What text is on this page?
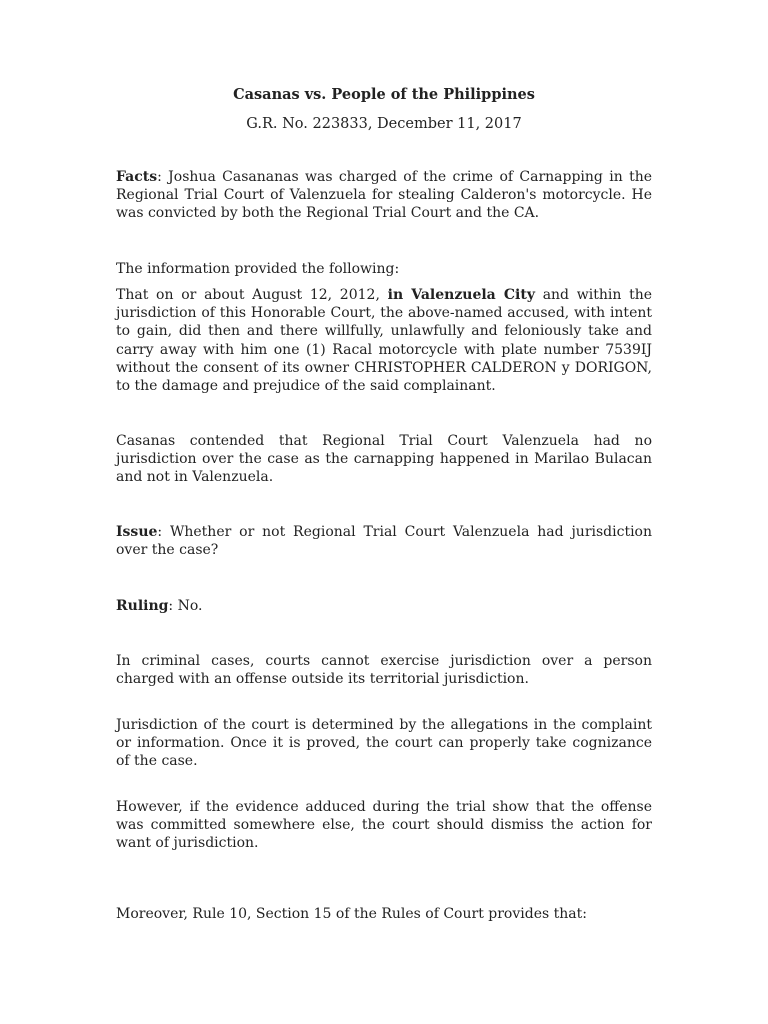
Casanas vs. People of the Philippines

G.R. No. 223833, December 11, 2017

Facts: Joshua Casananas was charged of the crime of Carnapping in the Regional Trial Court of Valenzuela for stealing Calderon's motorcycle. He was convicted by both the Regional Trial Court and the CA.

The information provided the following:

That on or about August 12, 2012, in Valenzuela City and within the jurisdiction of this Honorable Court, the above-named accused, with intent to gain, did then and there willfully, unlawfully and feloniously take and carry away with him one (1) Racal motorcycle with plate number 7539IJ without the consent of its owner CHRISTOPHER CALDERON y DORIGON, to the damage and prejudice of the said complainant.

Casanas contended that Regional Trial Court Valenzuela had no jurisdiction over the case as the carnapping happened in Marilao Bulacan and not in Valenzuela.

Issue: Whether or not Regional Trial Court Valenzuela had jurisdiction over the case?

Ruling: No.

In criminal cases, courts cannot exercise jurisdiction over a person charged with an offense outside its territorial jurisdiction.

Jurisdiction of the court is determined by the allegations in the complaint or information. Once it is proved, the court can properly take cognizance of the case.

However, if the evidence adduced during the trial show that the offense was committed somewhere else, the court should dismiss the action for want of jurisdiction.

Moreover, Rule 10, Section 15 of the Rules of Court provides that:
